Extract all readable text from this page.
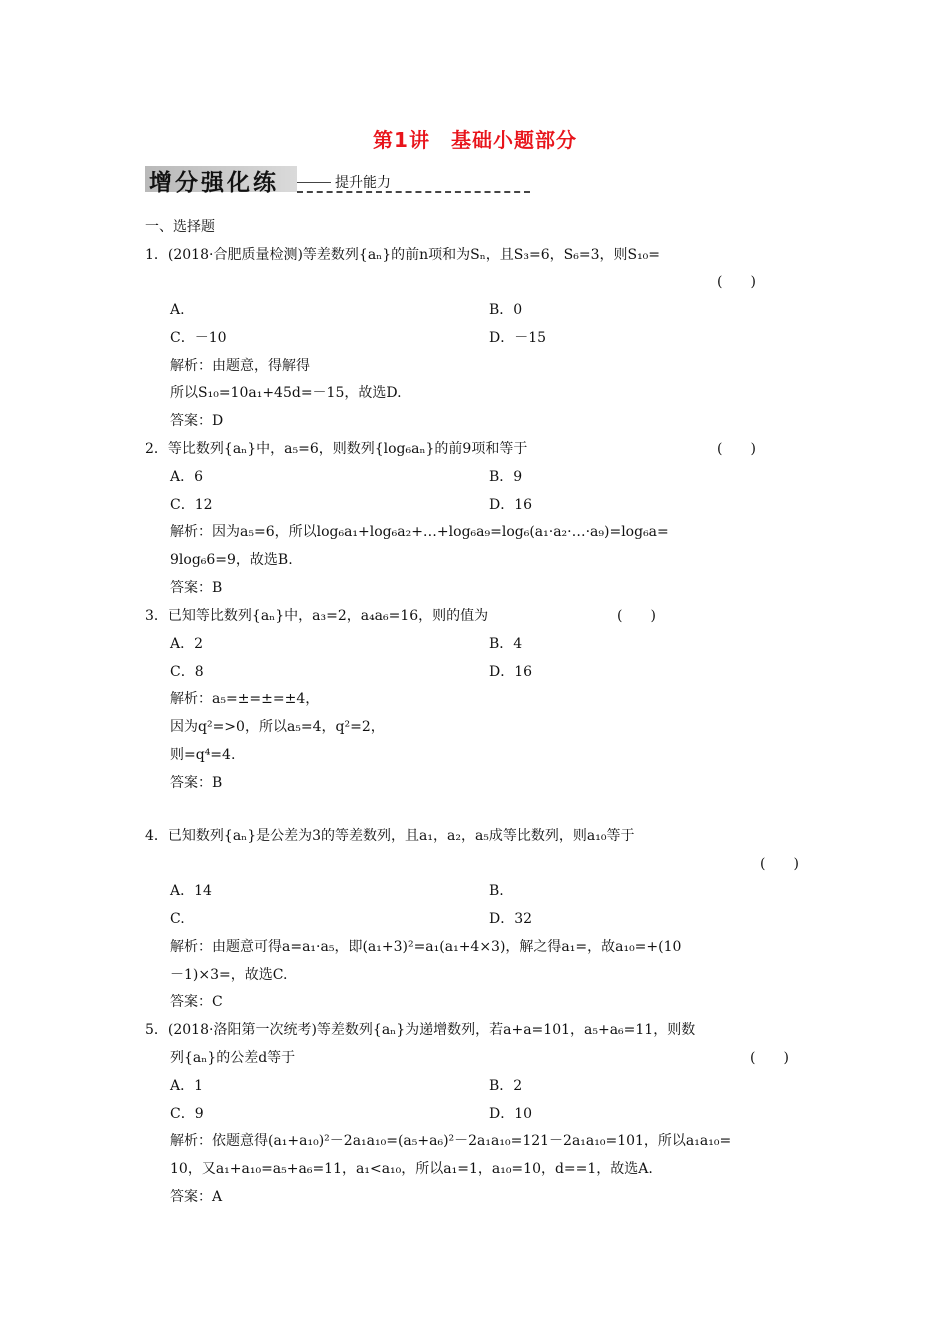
第1讲　基础小题部分
增分强化练	提升能力
一、选择题
1．(2018·合肥质量检测)等差数列{aₙ}的前n项和为Sₙ，且S₃=6，S₆=3，则S₁₀=
(　　)
A.	B．0
C．－10	D．－15
解析：由题意，得解得
所以S₁₀=10a₁+45d=－15，故选D.
答案：D
2．等比数列{aₙ}中，a₅=6，则数列{log₆aₙ}的前9项和等于	(　　)
A．6	B．9
C．12	D．16
解析：因为a₅=6，所以log₆a₁+log₆a₂+…+log₆a₉=log₆(a₁·a₂·…·a₉)=log₆a=
9log₆6=9，故选B.
答案：B
3．已知等比数列{aₙ}中，a₃=2，a₄a₆=16，则的值为	(　　)
A．2	B．4
C．8	D．16
解析：a₅=±=±=±4，
因为q²=>0，所以a₅=4，q²=2，
则=q⁴=4.
答案：B
4．已知数列{aₙ}是公差为3的等差数列，且a₁，a₂，a₅成等比数列，则a₁₀等于
(　　)
A．14	B.
C.	D．32
解析：由题意可得a=a₁·a₅，即(a₁+3)²=a₁(a₁+4×3)，解之得a₁=，故a₁₀=+(10
－1)×3=，故选C.
答案：C
5．(2018·洛阳第一次统考)等差数列{aₙ}为递增数列，若a+a=101，a₅+a₆=11，则数
列{aₙ}的公差d等于	(　　)
A．1	B．2
C．9	D．10
解析：依题意得(a₁+a₁₀)²－2a₁a₁₀=(a₅+a₆)²－2a₁a₁₀=121－2a₁a₁₀=101，所以a₁a₁₀=
10，又a₁+a₁₀=a₅+a₆=11，a₁<a₁₀，所以a₁=1，a₁₀=10，d==1，故选A.
答案：A
